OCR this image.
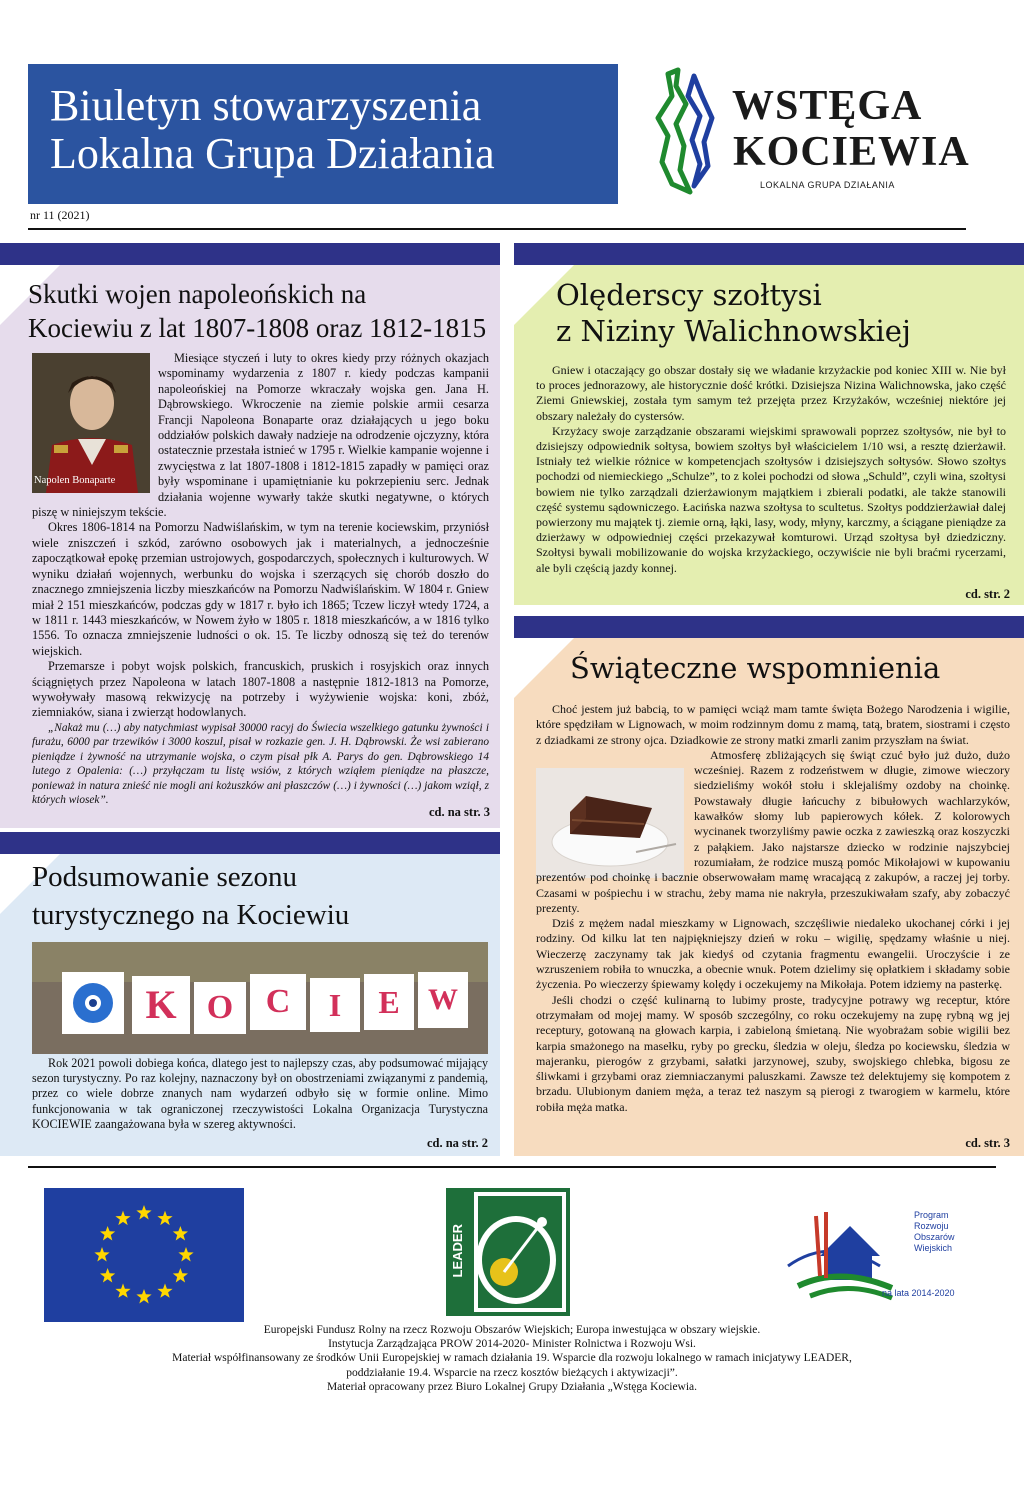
Biuletyn stowarzyszenia
Lokalna Grupa Działania
nr 11 (2021)
WSTĘGA
KOCIEWIA
LOKALNA GRUPA DZIAŁANIA
Skutki wojen napoleońskich na
Kociewiu z lat 1807-1808 oraz 1812-1815
Napolen Bonaparte

Miesiące styczeń i luty to okres kiedy przy różnych okazjach wspominamy wydarzenia z 1807 r. kiedy podczas kampanii napoleońskiej na Pomorze wkraczały wojska gen. Jana H. Dąbrowskiego. Wkroczenie na ziemie polskie armii cesarza Francji Napoleona Bonaparte oraz działających u jego boku oddziałów polskich dawały nadzieje na odrodzenie ojczyzny, która ostatecznie przestała istnieć w 1795 r. Wielkie kampanie wojenne i zwycięstwa z lat 1807-1808 i 1812-1815 zapadły w pamięci oraz były wspominane i upamiętnianie ku pokrzepieniu serc. Jednak działania wojenne wywarły także skutki negatywne, o których piszę w niniejszym tekście.

Okres 1806-1814 na Pomorzu Nadwiślańskim, w tym na terenie kociewskim, przyniósł wiele zniszczeń i szkód, zarówno osobowych jak i materialnych, a jednocześnie zapoczątkował epokę przemian ustrojowych, gospodarczych, społecznych i kulturowych. W wyniku działań wojennych, werbunku do wojska i szerzących się chorób doszło do znacznego zmniejszenia liczby mieszkańców na Pomorzu Nadwiślańskim. W 1804 r. Gniew miał 2 151 mieszkańców, podczas gdy w 1817 r. było ich 1865; Tczew liczył wtedy 1724, a w 1811 r. 1443 mieszkańców, w Nowem żyło w 1805 r. 1818 mieszkańców, a w 1816 tylko 1556. To oznacza zmniejszenie ludności o ok. 15. Te liczby odnoszą się też do terenów wiejskich.

Przemarsze i pobyt wojsk polskich, francuskich, pruskich i rosyjskich oraz innych ściągniętych przez Napoleona w latach 1807-1808 a następnie 1812-1813 na Pomorze, wywoływały masową rekwizycję na potrzeby i wyżywienie wojska: koni, zbóż, ziemniaków, siana i zwierząt hodowlanych.

„Nakaż mu (…) aby natychmiast wypisał 30000 racyj do Świecia wszelkiego gatunku żywności i furażu, 6000 par trzewików i 3000 koszul, pisał w rozkazie gen. J. H. Dąbrowski. Że wsi zabierano pieniądze i żywność na utrzymanie wojska, o czym pisał płk A. Parys do gen. Dąbrowskiego 14 lutego z Opalenia: (…) przyłączam tu listę wsiów, z których wziąłem pieniądze na płaszcze, ponieważ in natura znieść nie mogli ani kożuszków ani płaszczów (…) i żywności (…) jakom wziął, z których wiosek”.

cd. na str. 3
Olęderscy szołtysi
z Niziny Walichnowskiej

Gniew i otaczający go obszar dostały się we władanie krzyżackie pod koniec XIII w. Nie był to proces jednorazowy, ale historycznie dość krótki. Dzisiejsza Nizina Walichnowska, jako część Ziemi Gniewskiej, została tym samym też przejęta przez Krzyżaków, wcześniej niektóre jej obszary należały do cystersów.

Krzyżacy swoje zarządzanie obszarami wiejskimi sprawowali poprzez szołtysów, nie był to dzisiejszy odpowiednik sołtysa, bowiem szołtys był właścicielem 1/10 wsi, a resztę dzierżawił. Istniały też wielkie różnice w kompetencjach szołtysów i dzisiejszych sołtysów. Słowo szołtys pochodzi od niemieckiego „Schulze”, to z kolei pochodzi od słowa „Schuld”, czyli wina, szołtysi bowiem nie tylko zarządzali dzierżawionym majątkiem i zbierali podatki, ale także stanowili część systemu sądowniczego. Łacińska nazwa szołtysa to scultetus. Szołtys poddzierżawiał dalej powierzony mu majątek tj. ziemie orną, łąki, lasy, wody, młyny, karczmy, a ściągane pieniądze za dzierżawy w odpowiedniej części przekazywał komturowi. Urząd szołtysa był dziedziczny. Szołtysi bywali mobilizowanie do wojska krzyżackiego, oczywiście nie byli braćmi rycerzami, ale byli częścią jazdy konnej.

cd. str. 2
Świąteczne wspomnienia

Choć jestem już babcią, to w pamięci wciąż mam tamte święta Bożego Narodzenia i wigilie, które spędziłam w Lignowach, w moim rodzinnym domu z mamą, tatą, bratem, siostrami i często z dziadkami ze strony ojca. Dziadkowie ze strony matki zmarli zanim przyszłam na świat.

Atmosferę zbliżających się świąt czuć było już dużo, dużo wcześniej. Razem z rodzeństwem w długie, zimowe wieczory siedzieliśmy wokół stołu i sklejaliśmy ozdoby na choinkę. Powstawały długie łańcuchy z bibułowych wachlarzyków, kawałków słomy lub papierowych kółek. Z kolorowych wycinanek tworzyliśmy pawie oczka z zawieszką oraz koszyczki z pałąkiem. Jako najstarsze dziecko w rodzinie najszybciej rozumiałam, że rodzice muszą pomóc Mikołajowi w kupowaniu prezentów pod choinkę i bacznie obserwowałam mamę wracającą z zakupów, a raczej jej torby. Czasami w pośpiechu i w strachu, żeby mama nie nakryła, przeszukiwałam szafy, aby zobaczyć prezenty.

Dziś z mężem nadal mieszkamy w Lignowach, szczęśliwie niedaleko ukochanej córki i jej rodziny. Od kilku lat ten najpiękniejszy dzień w roku – wigilię, spędzamy właśnie u niej. Wieczerzę zaczynamy tak jak kiedyś od czytania fragmentu ewangelii. Uroczyście i ze wzruszeniem robiła to wnuczka, a obecnie wnuk. Potem dzielimy się opłatkiem i składamy sobie życzenia. Po wieczerzy śpiewamy kolędy i oczekujemy na Mikołaja. Potem idziemy na pasterkę.

Jeśli chodzi o część kulinarną to lubimy proste, tradycyjne potrawy wg receptur, które otrzymałam od mojej mamy. W sposób szczególny, co roku oczekujemy na zupę rybną wg jej receptury, gotowaną na głowach karpia, i zabieloną śmietaną. Nie wyobrażam sobie wigilii bez karpia smażonego na masełku, ryby po grecku, śledzia w oleju, śledza po kociewsku, śledzia w majeranku, pierogów z grzybami, sałatki jarzynowej, szuby, swojskiego chlebka, bigosu ze śliwkami i grzybami oraz ziemniaczanymi paluszkami. Zawsze też delektujemy się kompotem z brzadu. Ulubionym daniem męża, a teraz też naszym są pierogi z twarogiem w karmelu, które robiła męża matka.

cd. str. 3
Podsumowanie sezonu
turystycznego na Kociewiu
K O C	I	E W

Rok 2021 powoli dobiega końca, dlatego jest to najlepszy czas, aby podsumować mijający sezon turystyczny. Po raz kolejny, naznaczony był on obostrzeniami związanymi z pandemią, przez co wiele dobrze znanych nam wydarzeń odbyło się w formie online. Mimo funkcjonowania w tak ograniczonej rzeczywistości Lokalna Organizacja Turystyczna KOCIEWIE zaangażowana była w szereg aktywności.

cd. na str. 2
LEADER
Program
Rozwoju
Obszarów
Wiejskich
na lata 2014-2020
Europejski Fundusz Rolny na rzecz Rozwoju Obszarów Wiejskich; Europa inwestująca w obszary wiejskie.
Instytucja Zarządzająca PROW 2014-2020- Minister Rolnictwa i Rozwoju Wsi.
Materiał współfinansowany ze środków Unii Europejskiej w ramach działania 19. Wsparcie dla rozwoju lokalnego w ramach inicjatywy LEADER,
poddziałanie 19.4. Wsparcie na rzecz kosztów bieżących i aktywizacji”.
Materiał opracowany przez Biuro Lokalnej Grupy Działania „Wstęga Kociewia.
